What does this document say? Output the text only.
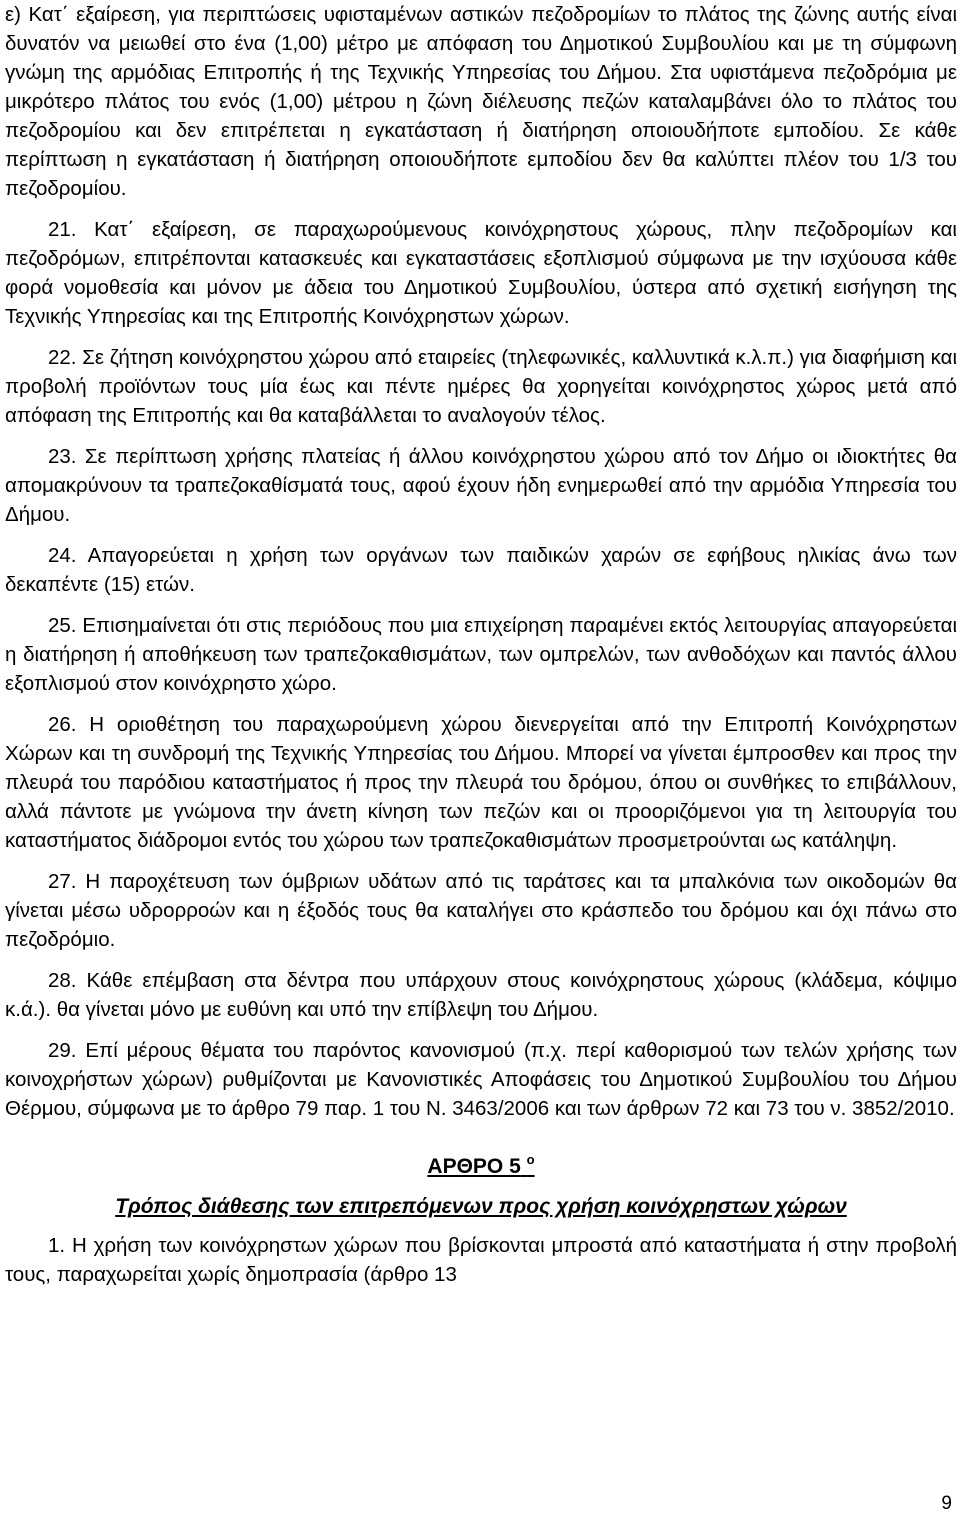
ε) Κατ΄ εξαίρεση, για περιπτώσεις υφισταμένων αστικών πεζοδρομίων το πλάτος της ζώνης αυτής είναι δυνατόν να μειωθεί στο ένα (1,00) μέτρο με απόφαση του Δημοτικού Συμβουλίου και με τη σύμφωνη γνώμη της αρμόδιας Επιτροπής ή της Τεχνικής Υπηρεσίας του Δήμου. Στα υφιστάμενα πεζοδρόμια με μικρότερο πλάτος του ενός (1,00) μέτρου η ζώνη διέλευσης πεζών καταλαμβάνει όλο το πλάτος του πεζοδρομίου και δεν επιτρέπεται η εγκατάσταση ή διατήρηση οποιουδήποτε εμποδίου. Σε κάθε περίπτωση η εγκατάσταση ή διατήρηση οποιουδήποτε εμποδίου δεν θα καλύπτει πλέον του 1/3 του πεζοδρομίου.

21. Κατ΄ εξαίρεση, σε παραχωρούμενους κοινόχρηστους χώρους, πλην πεζοδρομίων και πεζοδρόμων, επιτρέπονται κατασκευές και εγκαταστάσεις εξοπλισμού σύμφωνα με την ισχύουσα κάθε φορά νομοθεσία και μόνον με άδεια του Δημοτικού Συμβουλίου, ύστερα από σχετική εισήγηση της Τεχνικής Υπηρεσίας και της Επιτροπής Κοινόχρηστων χώρων.

22. Σε ζήτηση κοινόχρηστου χώρου από εταιρείες (τηλεφωνικές, καλλυντικά κ.λ.π.) για διαφήμιση και προβολή προϊόντων τους μία έως και πέντε ημέρες θα χορηγείται κοινόχρηστος χώρος μετά από απόφαση της Επιτροπής και θα καταβάλλεται το αναλογούν τέλος.

23. Σε περίπτωση χρήσης πλατείας ή άλλου κοινόχρηστου χώρου από τον Δήμο οι ιδιοκτήτες θα απομακρύνουν τα τραπεζοκαθίσματά τους, αφού έχουν ήδη ενημερωθεί από την αρμόδια Υπηρεσία του Δήμου.

24. Απαγορεύεται η χρήση των οργάνων των παιδικών χαρών σε εφήβους ηλικίας άνω των δεκαπέντε (15) ετών.

25. Επισημαίνεται ότι στις περιόδους που μια επιχείρηση παραμένει εκτός λειτουργίας απαγορεύεται η διατήρηση ή αποθήκευση των τραπεζοκαθισμάτων, των ομπρελών, των ανθοδόχων και παντός άλλου εξοπλισμού στον κοινόχρηστο χώρο.

26. Η οριοθέτηση του παραχωρούμενη χώρου διενεργείται από την Επιτροπή Κοινόχρηστων Χώρων και τη συνδρομή της Τεχνικής Υπηρεσίας του Δήμου. Μπορεί να γίνεται έμπροσθεν και προς την πλευρά του παρόδιου καταστήματος ή προς την πλευρά του δρόμου, όπου οι συνθήκες το επιβάλλουν, αλλά πάντοτε με γνώμονα την άνετη κίνηση των πεζών και οι προοριζόμενοι για τη λειτουργία του καταστήματος διάδρομοι εντός του χώρου των τραπεζοκαθισμάτων προσμετρούνται ως κατάληψη.

27. Η παροχέτευση των όμβριων υδάτων από τις ταράτσες και τα μπαλκόνια των οικοδομών θα γίνεται μέσω υδρορροών και η έξοδός τους θα καταλήγει στο κράσπεδο του δρόμου και όχι πάνω στο πεζοδρόμιο.

28. Κάθε επέμβαση στα δέντρα που υπάρχουν στους κοινόχρηστους χώρους (κλάδεμα, κόψιμο κ.ά.). θα γίνεται μόνο με ευθύνη και υπό την επίβλεψη του Δήμου.

29. Επί μέρους θέματα του παρόντος κανονισμού (π.χ. περί καθορισμού των τελών χρήσης των κοινοχρήστων χώρων) ρυθμίζονται με Κανονιστικές Αποφάσεις του Δημοτικού Συμβουλίου του Δήμου Θέρμου, σύμφωνα με το άρθρο 79 παρ. 1 του Ν. 3463/2006 και των άρθρων 72 και 73 του ν. 3852/2010.

ΑΡΘΡΟ 5 $^o$
Τρόπος διάθεσης των επιτρεπόμενων προς χρήση κοινόχρηστων χώρων

1. Η χρήση των κοινόχρηστων χώρων που βρίσκονται μπροστά από καταστήματα ή στην προβολή τους, παραχωρείται χωρίς δημοπρασία (άρθρο 13

9
